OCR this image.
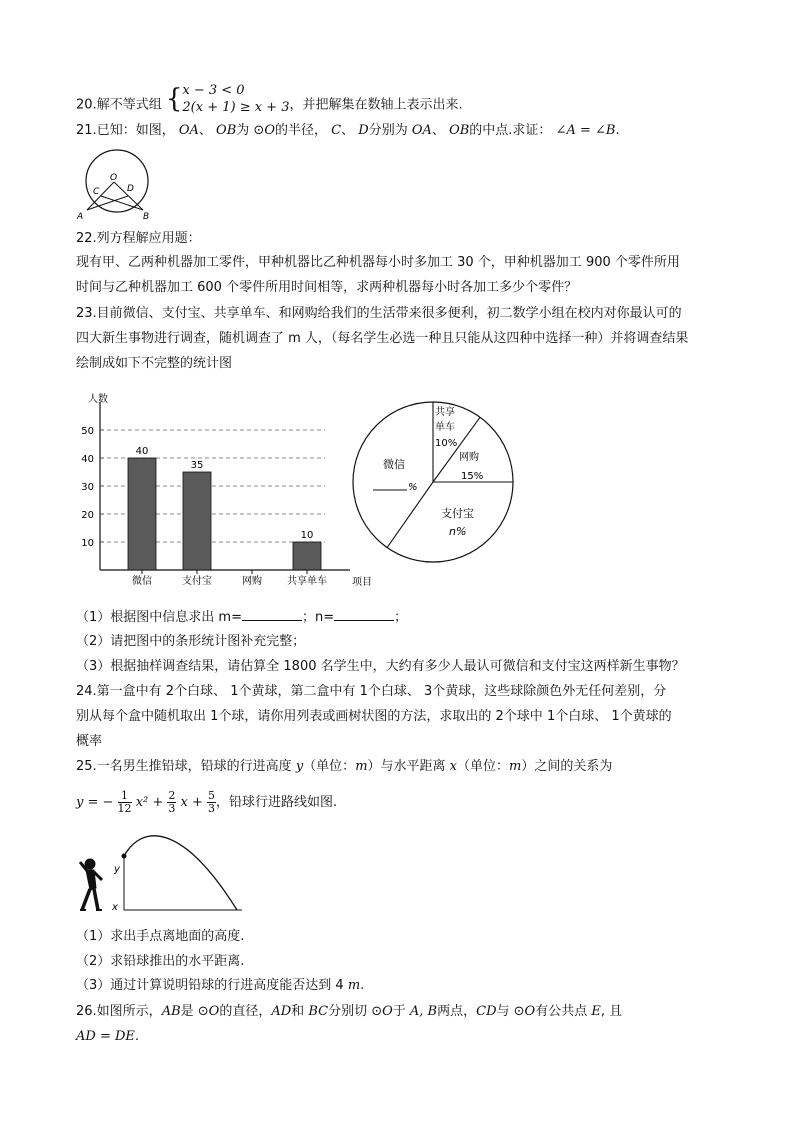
20.解不等式组 { x − 3 < 0
2(x + 1) ≥ x + 3 ，并把解集在数轴上表示出来.
21.已知：如图， OA、 OB为 ⊙O的半径， C、 D分别为 OA、 OB的中点.求证： ∠A = ∠B.
O
C	D
A	B
22.列方程解应用题：
现有甲、乙两种机器加工零件，甲种机器比乙种机器每小时多加工 30 个，甲种机器加工 900 个零件所用
时间与乙种机器加工 600 个零件所用时间相等，求两种机器每小时各加工多少个零件？
23.目前微信、支付宝、共享单车、和网购给我们的生活带来很多便利，初二数学小组在校内对你最认可的
四大新生事物进行调查，随机调查了 m 人，（每名学生必选一种且只能从这四种中选择一种）并将调查结果
绘制成如下不完整的统计图
人数
项目
10
20
30
40
50
微信
40
支付宝
35
网购	共享单车
10
共享
单车
10%
网购
15%
支付宝
n%
微信
%
（1）根据图中信息求出 m=	；n=	；
（2）请把图中的条形统计图补充完整；
（3）根据抽样调查结果，请估算全 1800 名学生中，大约有多少人最认可微信和支付宝这两样新生事物？
24.第一盒中有 2个白球、 1个黄球，第二盒中有 1个白球、 3个黄球，这些球除颜色外无任何差别，分
别从每个盒中随机取出 1个球，请你用列表或画树状图的方法，求取出的 2个球中 1个白球、 1个黄球的
概率
25.一名男生推铅球，铅球的行进高度 y（单位：m）与水平距离 x（单位：m）之间的关系为
y = − $\frac{1}{12} x^2 + \frac{2}{3}$ $x + \frac{5}{3}$ ，铅球行进路线如图.
y
x
（1）求出手点离地面的高度.
（2）求铅球推出的水平距离.
（3）通过计算说明铅球的行进高度能否达到 4 m.
26.如图所示，AB是 ⊙O的直径，AD和 BC分别切 ⊙O于 A, B两点，CD与 ⊙O有公共点 E, 且
AD = DE.
